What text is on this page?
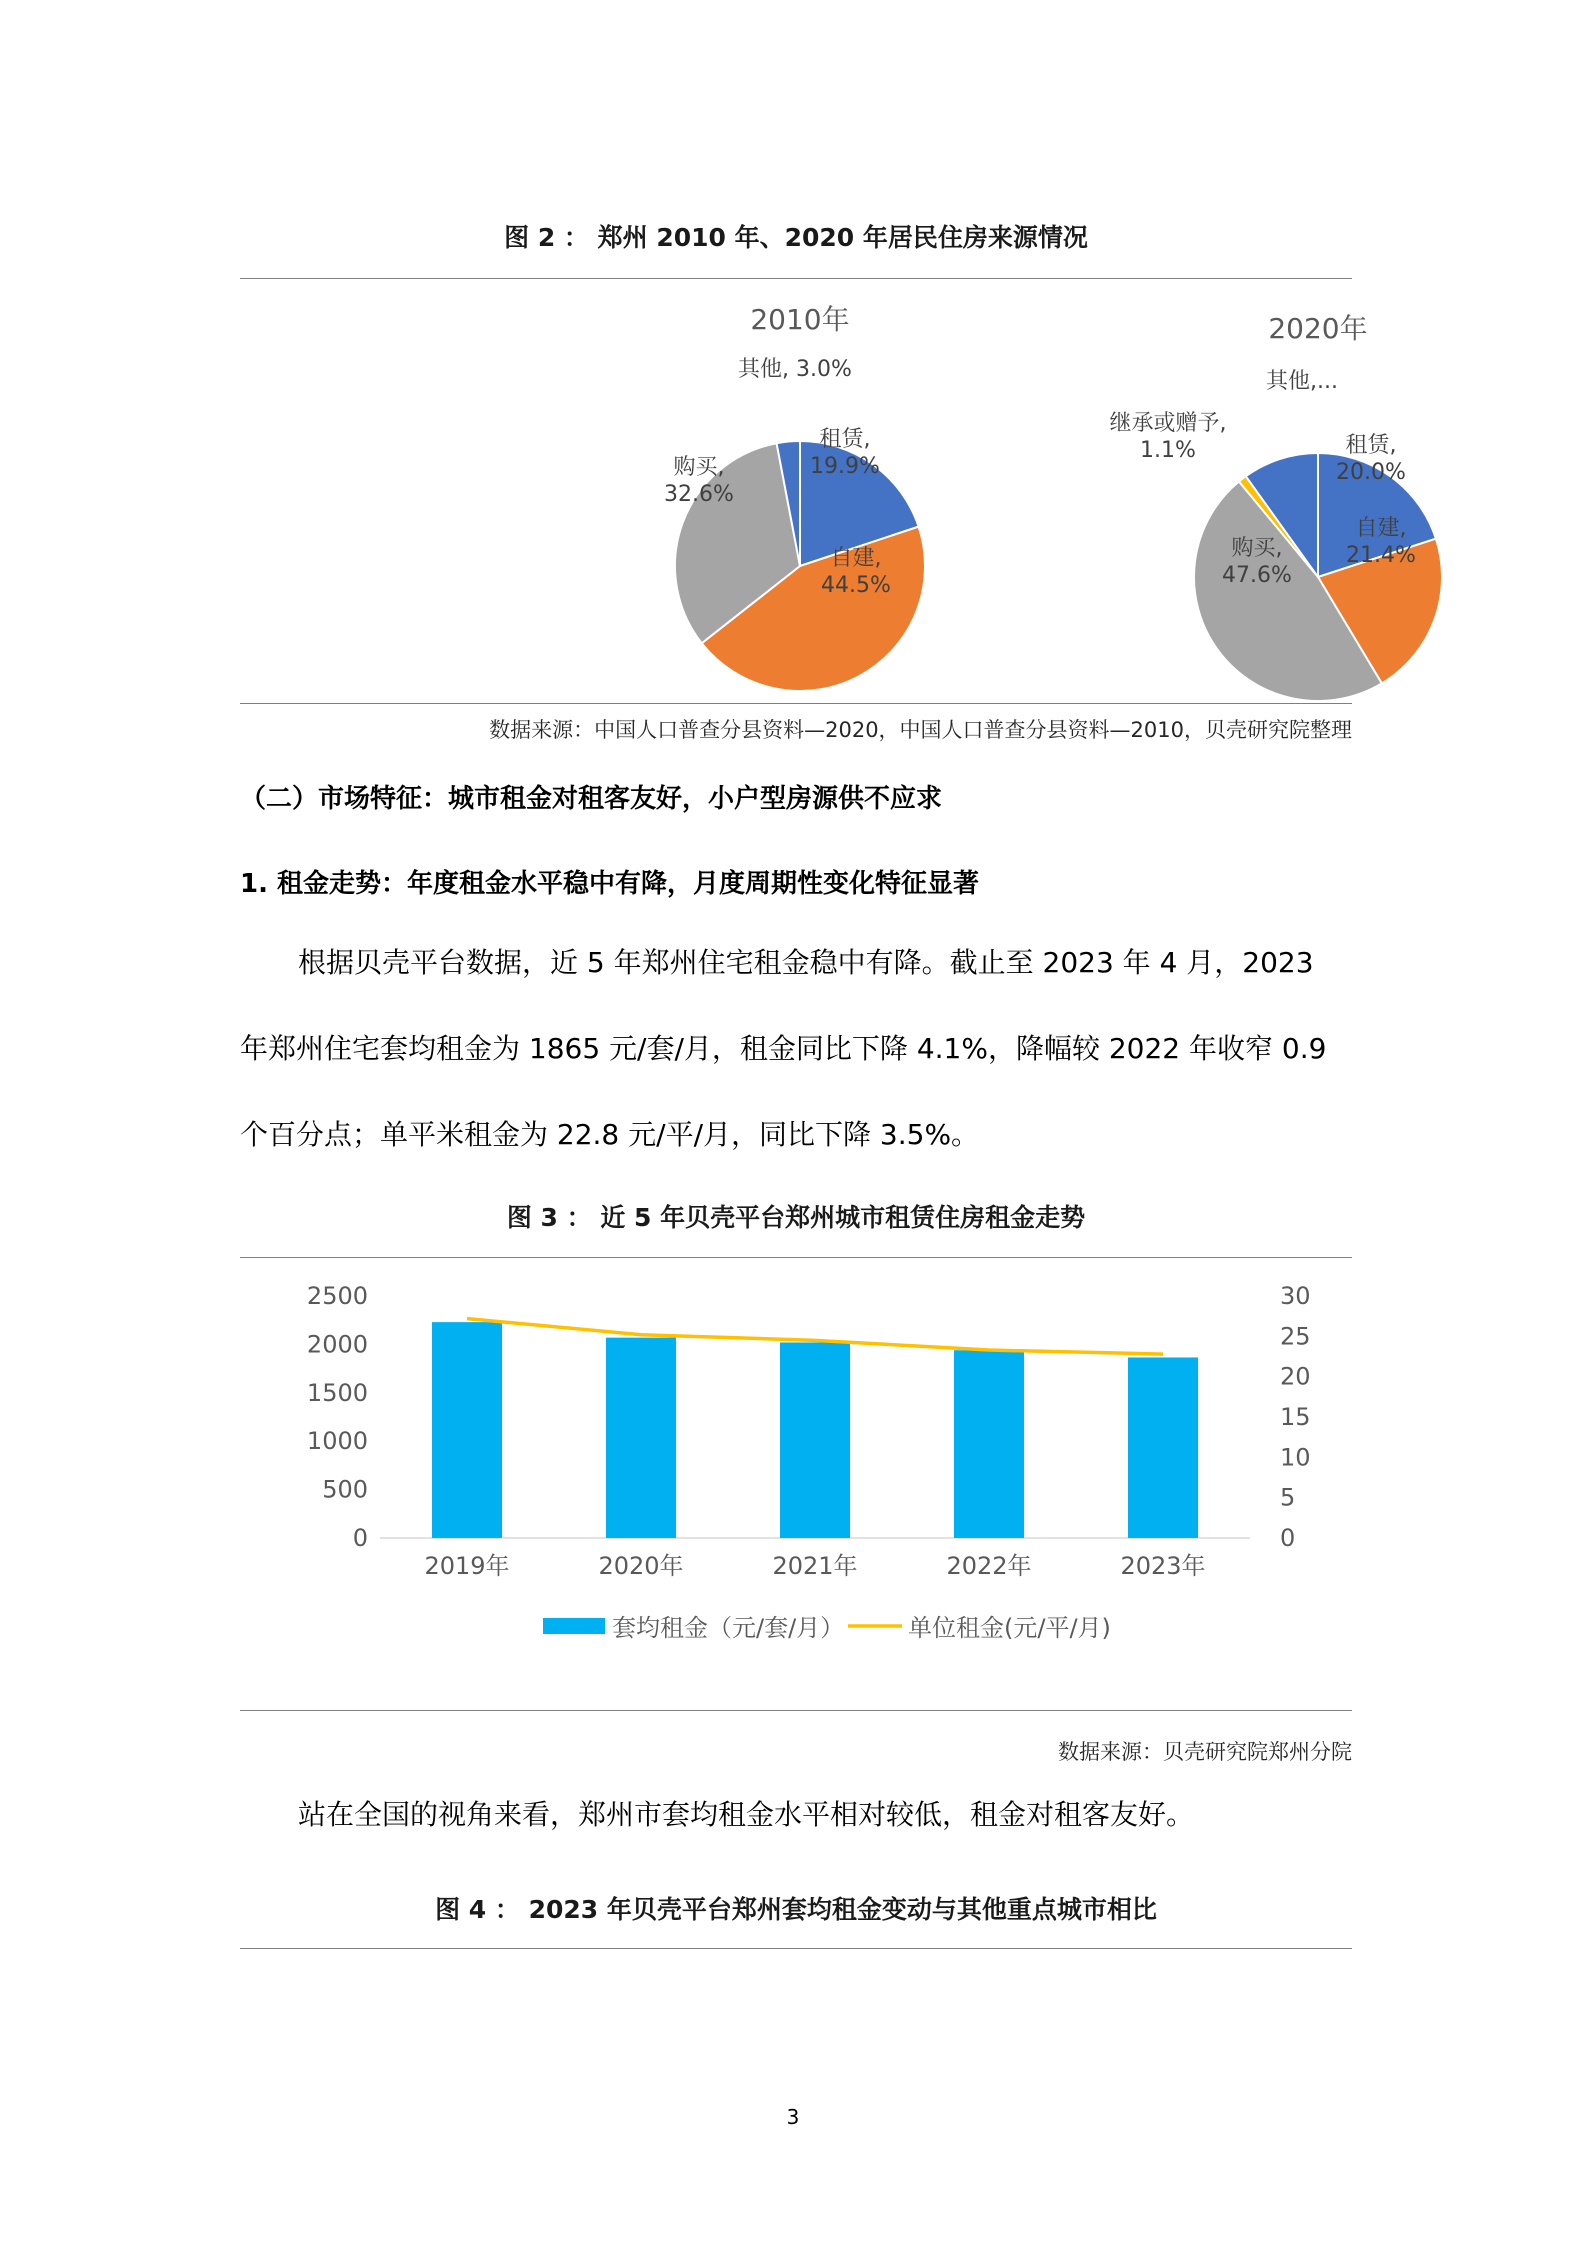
图 2 ： 郑州 2010 年、2020 年居民住房来源情况
2010年
租赁,
19.9%
自建,
44.5%
购买,
32.6%
其他, 3.0%
2020年
租赁,
20.0%
自建,
21.4%
购买,
47.6%
继承或赠予,
1.1%
其他,...
数据来源：中国人口普查分县资料—2020，中国人口普查分县资料—2010，贝壳研究院整理
（二）市场特征：城市租金对租客友好，小户型房源供不应求
1. 租金走势：年度租金水平稳中有降，月度周期性变化特征显著
根据贝壳平台数据，近 5 年郑州住宅租金稳中有降。截止至 2023 年 4 月，2023
年郑州住宅套均租金为 1865 元/套/月，租金同比下降 4.1%，降幅较 2022 年收窄 0.9
个百分点；单平米租金为 22.8 元/平/月，同比下降 3.5%。
图 3 ： 近 5 年贝壳平台郑州城市租赁住房租金走势
0
500
1000
1500
2000
2500
0
5
10
15
20
25
30
2019年	2020年	2021年	2022年	2023年
套均租金（元/套/月）	单位租金(元/平/月)
数据来源：贝壳研究院郑州分院
站在全国的视角来看，郑州市套均租金水平相对较低，租金对租客友好。
图 4 ： 2023 年贝壳平台郑州套均租金变动与其他重点城市相比
3
